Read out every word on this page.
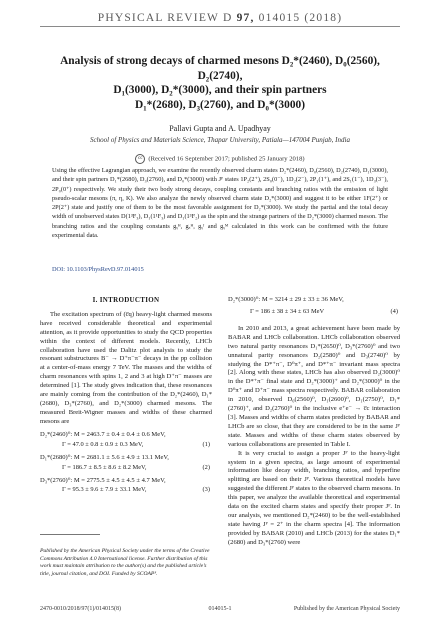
PHYSICAL REVIEW D 97, 014015 (2018)
Analysis of strong decays of charmed mesons D₂*(2460), D₀(2560), D₂(2740),
D₁(3000), D₂*(3000), and their spin partners
D₁*(2680), D₃(2760), and D₀*(3000)
Pallavi Gupta and A. Upadhyay
School of Physics and Materials Science, Thapar University, Patiala—147004 Punjab, India
cc (Received 16 September 2017; published 25 January 2018)
Using the effective Lagrangian approach, we examine the recently observed charm states D₂*(2460), D₀(2560), D₂(2740), D₁(3000), and their spin partners D₁*(2680), D₃(2760), and D₀*(3000) with Jᴾ states 1P₂(2⁺), 2S₀(0⁻), 1D₂(2⁻), 2P₁(1⁺), and 2S₁(1⁻), 1D₃(3⁻), 2P₀(0⁺) respectively. We study their two body strong decays, coupling constants and branching ratios with the emission of light pseudo-scalar mesons (π, η, K). We also analyze the newly observed charm state D₂*(3000) and suggest it to be either 1F(2⁺) or 2P(2⁺) state and justify one of them to be the most favorable assignment for D₂*(3000). We study the partial and the total decay width of unobserved states D(1³F₃), D₁(1¹F₃) and D₁(1³F₂) as the spin and the strange partners of the D₂*(3000) charmed meson. The branching ratios and the coupling constants gᵧᴴ, gₓᴴ, gᵧᴶ and gᵧᴹ calculated in this work can be confirmed with the future experimental data.
DOI: 10.1103/PhysRevD.97.014015
I. INTRODUCTION

The excitation spectrum of (c̅q) heavy-light charmed mesons have received considerable theoretical and experimental attention, as it provide opportunities to study the QCD properties within the context of different models. Recently, LHCb collaboration have used the Dalitz plot analysis to study the resonant substructures B⁻ → D⁺π⁻π⁻ decays in the pp collision at a center-of-mass energy 7 TeV. The masses and the widths of charm resonances with spins 1, 2 and 3 at high D⁺π⁻ masses are determined [1]. The study gives indication that, these resonances are mainly coming from the contribution of the D₂*(2460), D₁*(2680), D₃*(2760), and D₂*(3000) charmed mesons. The measured Breit-Wigner masses and widths of these charmed mesons are

D₂*(2460)⁰: M = 2463.7 ± 0.4 ± 0.4 ± 0.6 MeV,
Γ = 47.0 ± 0.8 ± 0.9 ± 0.3 MeV,	(1)
D₁*(2680)⁰: M = 2681.1 ± 5.6 ± 4.9 ± 13.1 MeV,
Γ = 186.7 ± 8.5 ± 8.6 ± 8.2 MeV,	(2)
D₃*(2760)⁰: M = 2775.5 ± 4.5 ± 4.5 ± 4.7 MeV,
Γ = 95.3 ± 9.6 ± 7.9 ± 33.1 MeV,	(3)
Published by the American Physical Society under the terms of the Creative Commons Attribution 4.0 International license. Further distribution of this work must maintain attribution to the author(s) and the published article’s title, journal citation, and DOI. Funded by SCOAP³.
D₂*(3000)⁰: M = 3214 ± 29 ± 33 ± 36 MeV,
Γ = 186 ± 38 ± 34 ± 63 MeV	(4)

In 2010 and 2013, a great achievement have been made by BABAR and LHCb collaboration. LHCb collaboration observed two natural parity resonances D₁*(2650)⁰, D₃*(2760)⁰ and two unnatural parity resonances D₂(2580)⁰ and D₃(2740)⁰ by studying the D*⁺π⁻, D⁰π⁺, and D*⁺π⁻ invariant mass spectra [2]. Along with these states, LHCb has also observed D₂(3000)⁰ in the D*⁺π⁻ final state and D₂*(3000)⁺ and D₂*(3000)⁰ in the D⁰π⁺ and D⁺π⁻ mass spectra respectively. BABAR collaboration in 2010, observed D₀(2560)⁰, D₁(2600)⁰, D₁(2750)⁰, D₁*(2760)⁺, and D₂(2760)⁰ in the inclusive e⁺e⁻ → c̅c interaction [3]. Masses and widths of charm states predicted by BABAR and LHCb are so close, that they are considered to be in the same Jᴾ state. Masses and widths of these charm states observed by various collaborations are presented in Table I.

It is very crucial to assign a proper Jᴾ to the heavy-light system in a given spectra, as large amount of experimental information like decay width, branching ratios, and hyperfine splitting are based on their Jᴾ. Various theoretical models have suggested the different Jᴾ states to the observed charm mesons. In this paper, we analyze the available theoretical and experimental data on the excited charm states and specify their proper Jᴾ. In our analysis, we mentioned D₂*(2460) to be the well-established state having Jᴾ = 2⁺ in the charm spectra [4]. The information provided by BABAR (2010) and LHCb (2013) for the states D₁*(2680) and D₃*(2760) were

2470-0010/2018/97(1)/014015(8)	014015-1	Published by the American Physical Society
